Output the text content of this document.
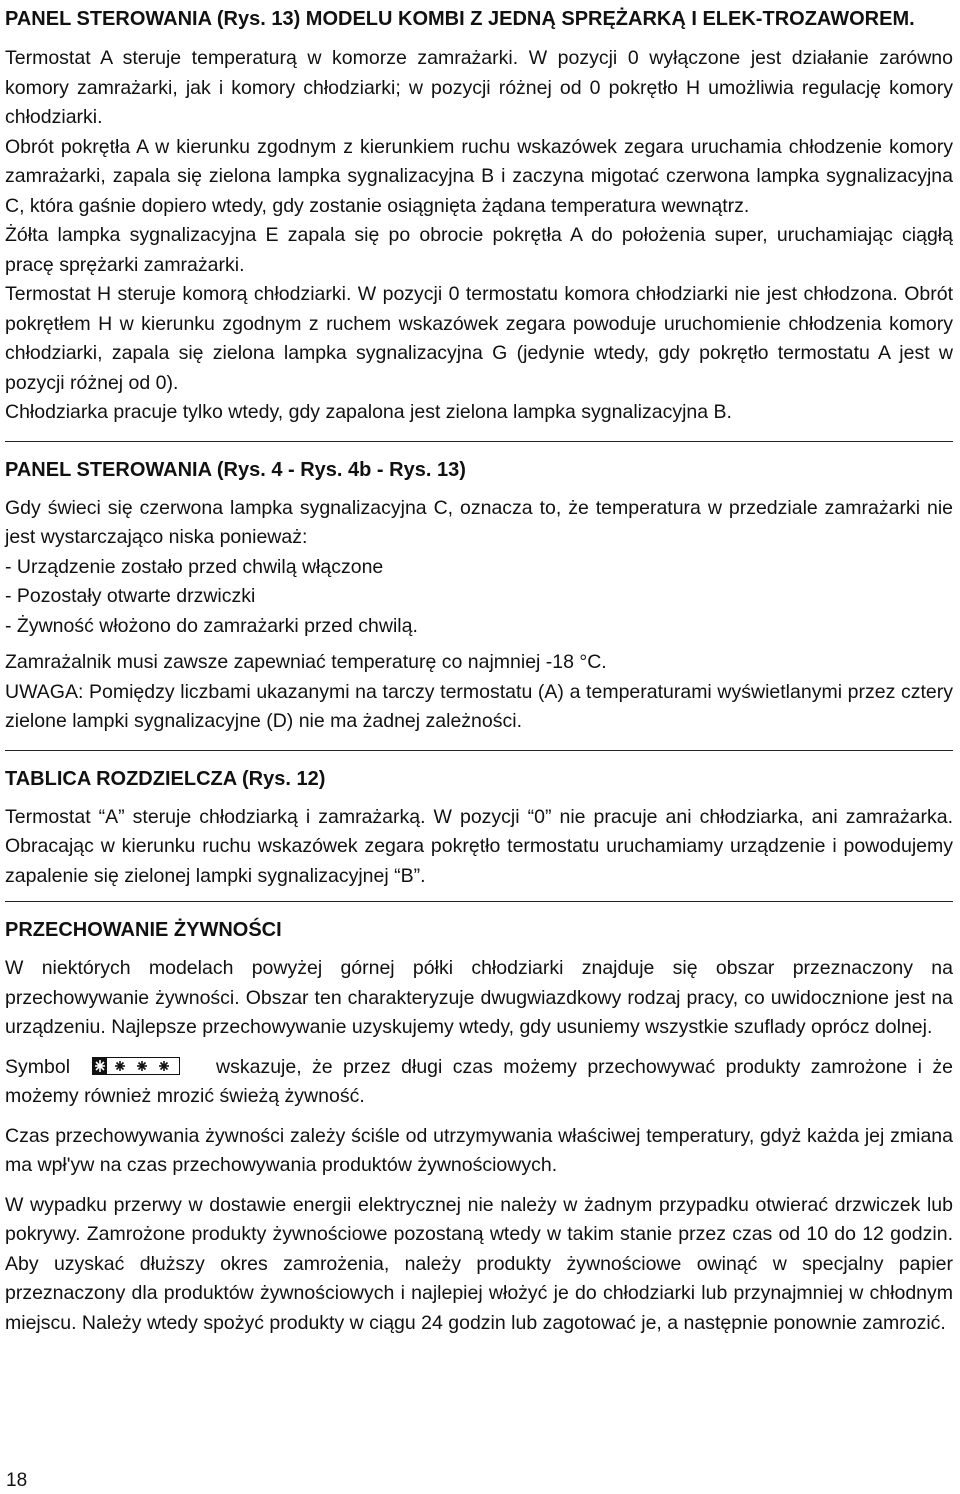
PANEL STEROWANIA (Rys. 13) MODELU KOMBI Z JEDNĄ SPRĘŻARKĄ I ELEK-TROZAWOREM.

Termostat A steruje temperaturą w komorze zamrażarki. W pozycji 0 wyłączone jest działanie zarówno komory zamrażarki, jak i komory chłodziarki; w pozycji różnej od 0 pokrętło H umożliwia regulację komory chłodziarki.

Obrót pokrętła A w kierunku zgodnym z kierunkiem ruchu wskazówek zegara uruchamia chłodzenie komory zamrażarki, zapala się zielona lampka sygnalizacyjna B i zaczyna migotać czerwona lampka sygnalizacyjna C, która gaśnie dopiero wtedy, gdy zostanie osiągnięta żądana temperatura wewnątrz.

Żółta lampka sygnalizacyjna E zapala się po obrocie pokrętła A do położenia super, uruchamiając ciągłą pracę sprężarki zamrażarki.

Termostat H steruje komorą chłodziarki. W pozycji 0 termostatu komora chłodziarki nie jest chłodzona. Obrót pokrętłem H w kierunku zgodnym z ruchem wskazówek zegara powoduje uruchomienie chłodzenia komory chłodziarki, zapala się zielona lampka sygnalizacyjna G (jedynie wtedy, gdy pokrętło termostatu A jest w pozycji różnej od 0).

Chłodziarka pracuje tylko wtedy, gdy zapalona jest zielona lampka sygnalizacyjna B.

PANEL STEROWANIA (Rys. 4 - Rys. 4b - Rys. 13)

Gdy świeci się czerwona lampka sygnalizacyjna C, oznacza to, że temperatura w przedziale zamrażarki nie jest wystarczająco niska ponieważ:

- Urządzenie zostało przed chwilą włączone

- Pozostały otwarte drzwiczki

- Żywność włożono do zamrażarki przed chwilą.

Zamrażalnik musi zawsze zapewniać temperaturę co najmniej -18 °C.

UWAGA: Pomiędzy liczbami ukazanymi na tarczy termostatu (A) a temperaturami wyświetlanymi przez cztery zielone lampki sygnalizacyjne (D) nie ma żadnej zależności.

TABLICA ROZDZIELCZA (Rys. 12)

Termostat “A” steruje chłodziarką i zamrażarką. W pozycji “0” nie pracuje ani chłodziarka, ani zamrażarka. Obracając w kierunku ruchu wskazówek zegara pokrętło termostatu uruchamiamy urządzenie i powodujemy zapalenie się zielonej lampki sygnalizacyjnej “B”.

PRZECHOWANIE ŻYWNOŚCI

W niektórych modelach powyżej górnej półki chłodziarki znajduje się obszar przeznaczony na przechowywanie żywności. Obszar ten charakteryzuje dwugwiazdkowy rodzaj pracy, co uwidocznione jest na urządzeniu. Najlepsze przechowywanie uzyskujemy wtedy, gdy usuniemy wszystkie szuflady oprócz dolnej.

Symbol	wskazuje, że przez długi czas możemy przechowywać produkty zamrożone i że możemy również mrozić świeżą żywność.

Czas przechowywania żywności zależy ściśle od utrzymywania właściwej temperatury, gdyż każda jej zmiana ma wpł'yw na czas przechowywania produktów żywnościowych.

W wypadku przerwy w dostawie energii elektrycznej nie należy w żadnym przypadku otwierać drzwiczek lub pokrywy. Zamrożone produkty żywnościowe pozostaną wtedy w takim stanie przez czas od 10 do 12 godzin. Aby uzyskać dłuższy okres zamrożenia, należy produkty żywnościowe owinąć w specjalny papier przeznaczony dla produktów żywnościowych i najlepiej włożyć je do chłodziarki lub przynajmniej w chłodnym miejscu. Należy wtedy spożyć produkty w ciągu 24 godzin lub zagotować je, a następnie ponownie zamrozić.

18
